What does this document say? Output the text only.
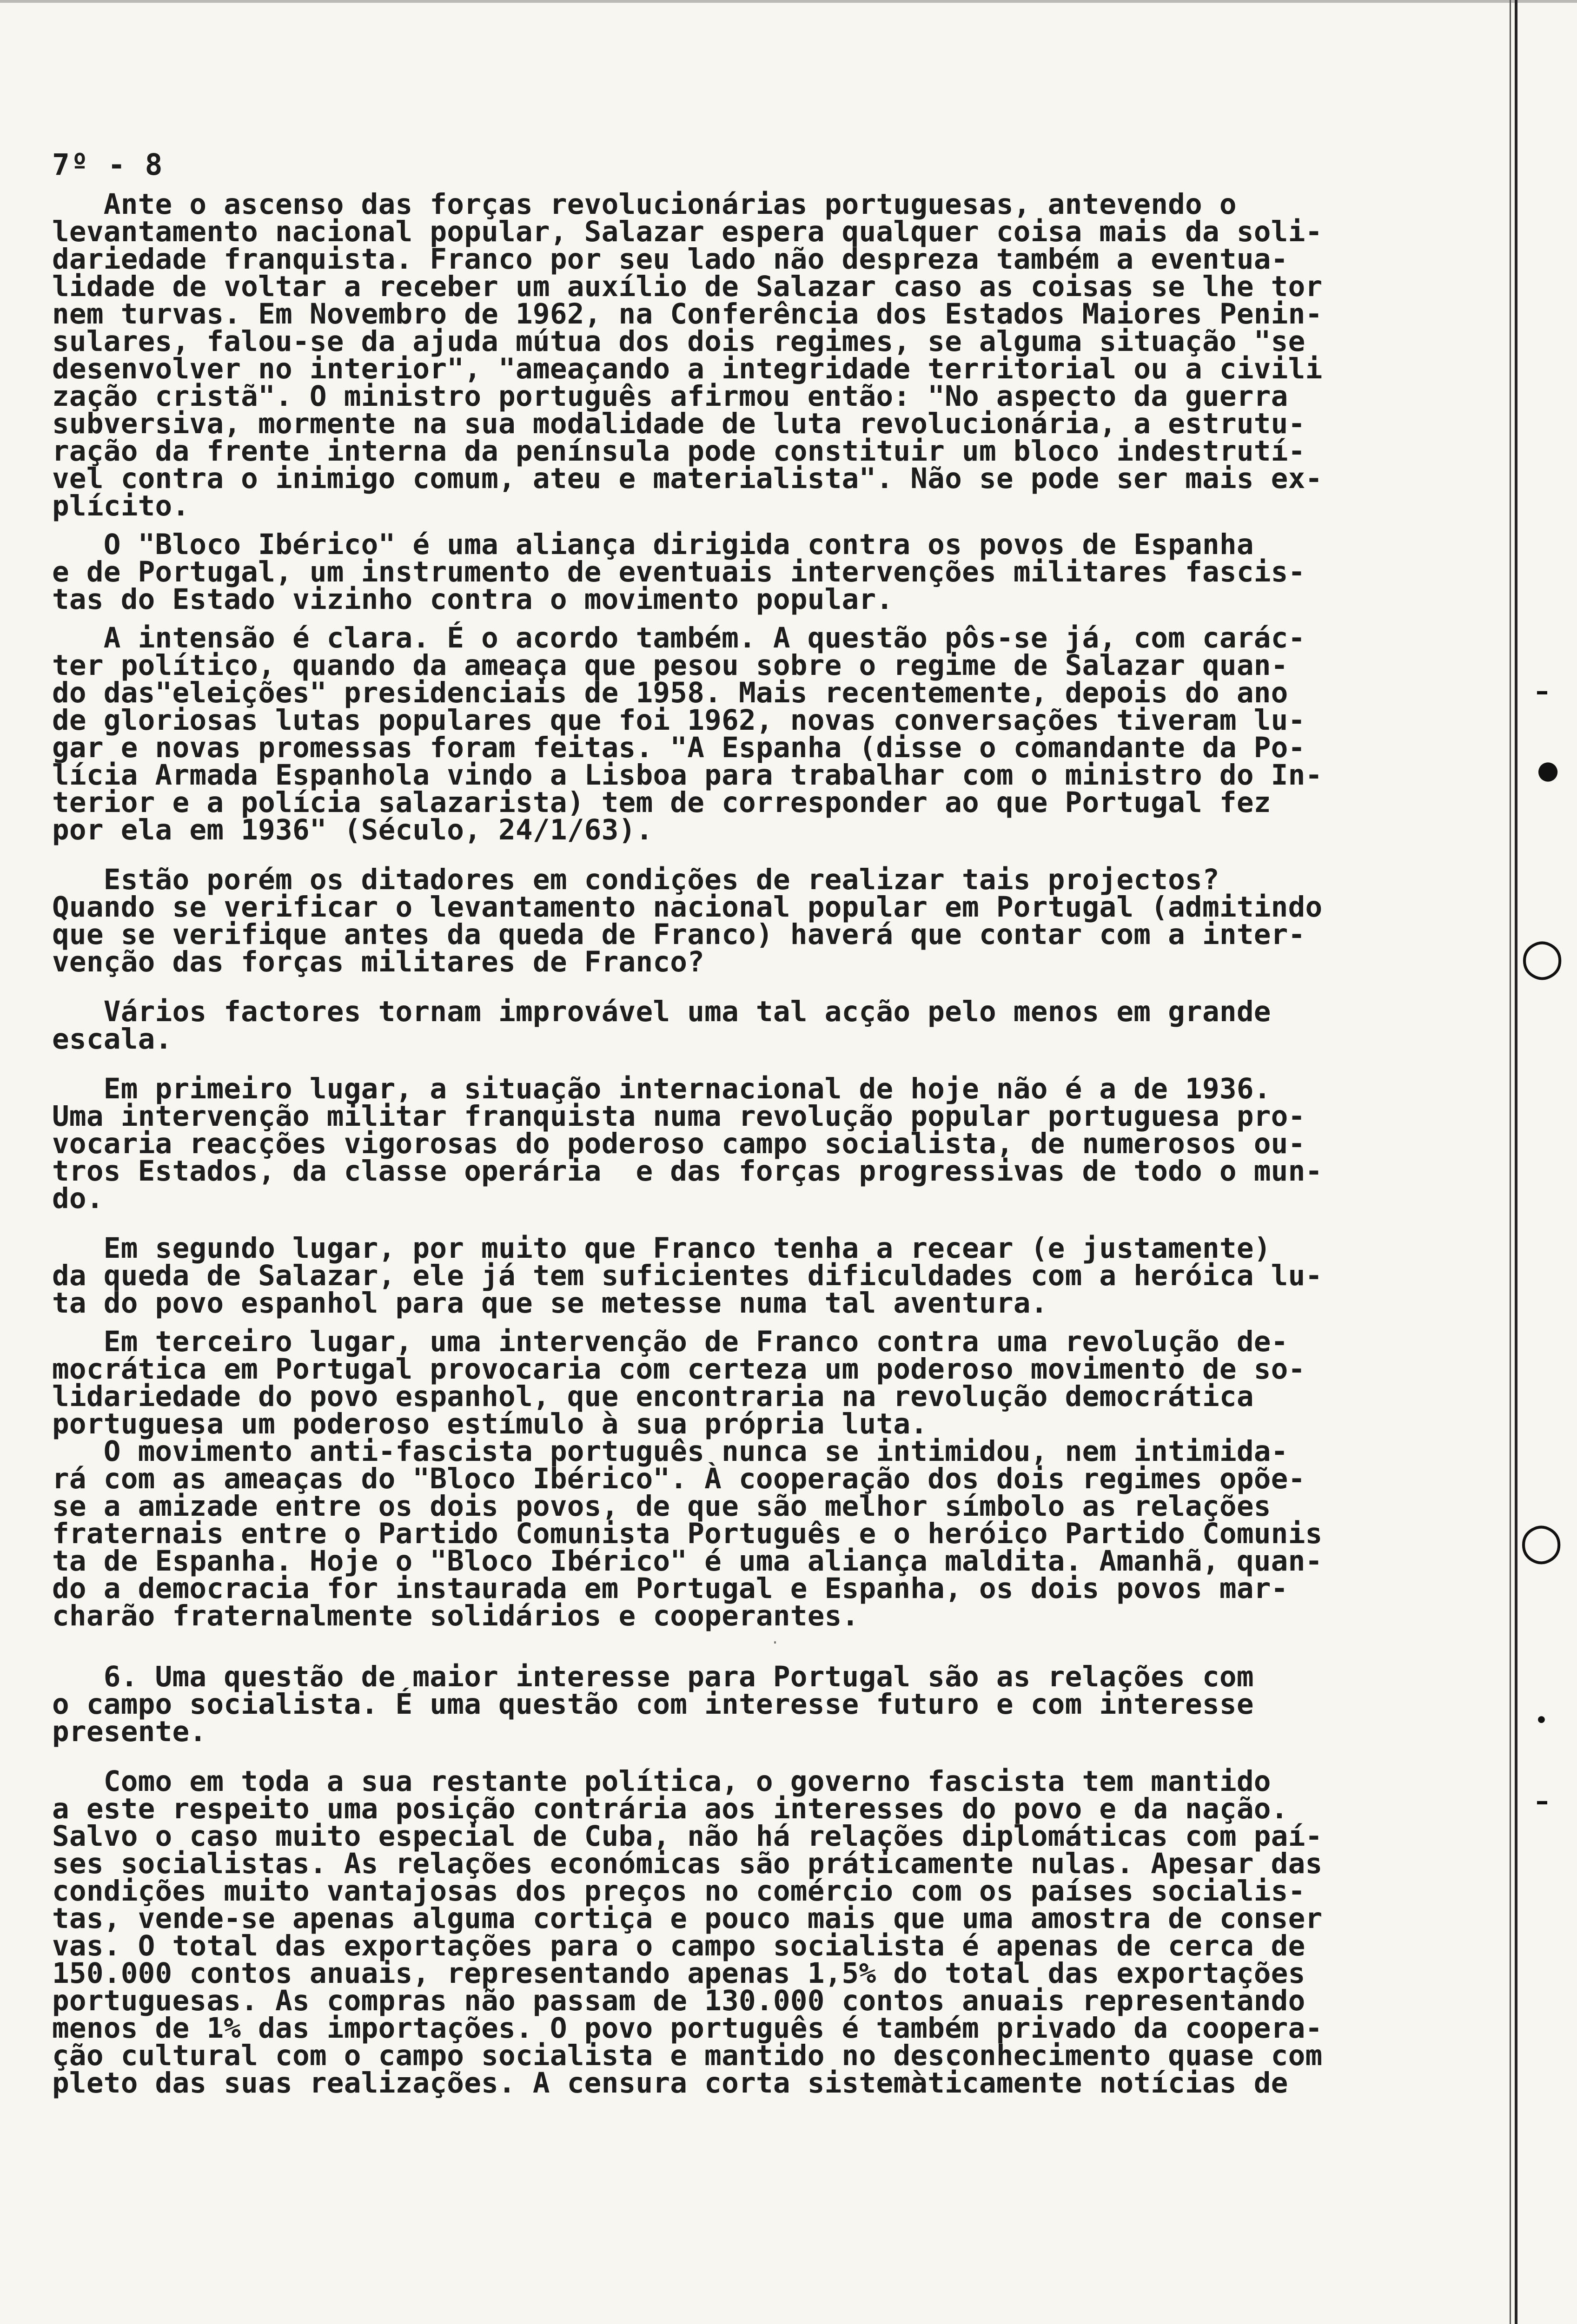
7º - 8

Ante o ascenso das forças revolucionárias portuguesas, antevendo o
levantamento nacional popular, Salazar espera qualquer coisa mais da soli-
dariedade franquista. Franco por seu lado não despreza também a eventua-
lidade de voltar a receber um auxílio de Salazar caso as coisas se lhe tor
nem turvas. Em Novembro de 1962, na Conferência dos Estados Maiores Penin-
sulares, falou-se da ajuda mútua dos dois regimes, se alguma situação "se
desenvolver no interior", "ameaçando a integridade territorial ou a civili
zação cristã". O ministro português afirmou então: "No aspecto da guerra
subversiva, mormente na sua modalidade de luta revolucionária, a estrutu-
ração da frente interna da península pode constituir um bloco indestrutí-
vel contra o inimigo comum, ateu e materialista". Não se pode ser mais ex-
plícito.

O "Bloco Ibérico" é uma aliança dirigida contra os povos de Espanha
e de Portugal, um instrumento de eventuais intervenções militares fascis-
tas do Estado vizinho contra o movimento popular.

A intensão é clara. É o acordo também. A questão pôs-se já, com carác-
ter político, quando da ameaça que pesou sobre o regime de Salazar quan-
do das"eleições" presidenciais de 1958. Mais recentemente, depois do ano
de gloriosas lutas populares que foi 1962, novas conversações tiveram lu-
gar e novas promessas foram feitas. "A Espanha (disse o comandante da Po-
lícia Armada Espanhola vindo a Lisboa para trabalhar com o ministro do In-
terior e a polícia salazarista) tem de corresponder ao que Portugal fez
por ela em 1936" (Século, 24/1/63).

Estão porém os ditadores em condições de realizar tais projectos?
Quando se verificar o levantamento nacional popular em Portugal (admitindo
que se verifique antes da queda de Franco) haverá que contar com a inter-
venção das forças militares de Franco?

Vários factores tornam improvável uma tal acção pelo menos em grande
escala.

Em primeiro lugar, a situação internacional de hoje não é a de 1936.
Uma intervenção militar franquista numa revolução popular portuguesa pro-
vocaria reacções vigorosas do poderoso campo socialista, de numerosos ou-
tros Estados, da classe operária  e das forças progressivas de todo o mun-
do.

Em segundo lugar, por muito que Franco tenha a recear (e justamente)
da queda de Salazar, ele já tem suficientes dificuldades com a heróica lu-
ta do povo espanhol para que se metesse numa tal aventura.

Em terceiro lugar, uma intervenção de Franco contra uma revolução de-
mocrática em Portugal provocaria com certeza um poderoso movimento de so-
lidariedade do povo espanhol, que encontraria na revolução democrática
portuguesa um poderoso estímulo à sua própria luta.
O movimento anti-fascista português nunca se intimidou, nem intimida-
rá com as ameaças do "Bloco Ibérico". À cooperação dos dois regimes opõe-
se a amizade entre os dois povos, de que são melhor símbolo as relações
fraternais entre o Partido Comunista Português e o heróico Partido Comunis
ta de Espanha. Hoje o "Bloco Ibérico" é uma aliança maldita. Amanhã, quan-
do a democracia for instaurada em Portugal e Espanha, os dois povos mar-
charão fraternalmente solidários e cooperantes.

6. Uma questão de maior interesse para Portugal são as relações com
o campo socialista. É uma questão com interesse futuro e com interesse
presente.

Como em toda a sua restante política, o governo fascista tem mantido
a este respeito uma posição contrária aos interesses do povo e da nação.
Salvo o caso muito especial de Cuba, não há relações diplomáticas com paí-
ses socialistas. As relações económicas são práticamente nulas. Apesar das
condições muito vantajosas dos preços no comércio com os países socialis-
tas, vende-se apenas alguma cortiça e pouco mais que uma amostra de conser
vas. O total das exportações para o campo socialista é apenas de cerca de
150.000 contos anuais, representando apenas 1,5% do total das exportações
portuguesas. As compras não passam de 130.000 contos anuais representando
menos de 1% das importações. O povo português é também privado da coopera-
ção cultural com o campo socialista e mantido no desconhecimento quase com
pleto das suas realizações. A censura corta sistemàticamente notícias de

–
●
○
○
•
–
·
